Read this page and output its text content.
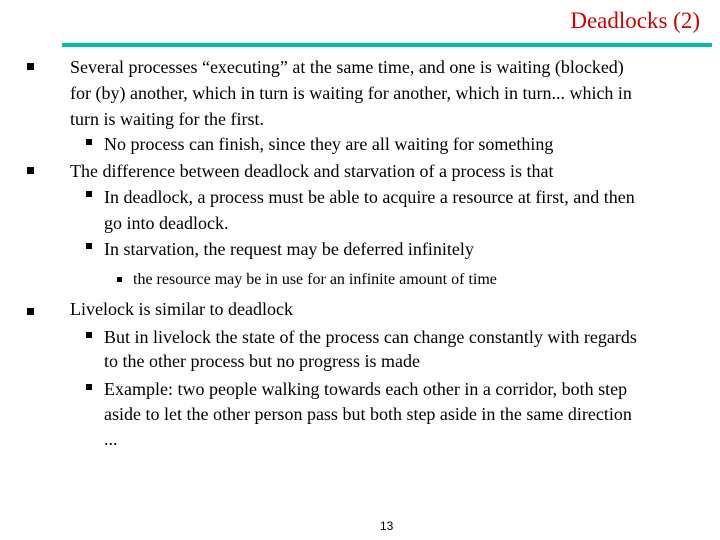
Deadlocks (2)
Several processes “executing” at the same time, and one is waiting (blocked)
for (by) another, which in turn is waiting for another, which in turn... which in
turn is waiting for the first.
No process can finish, since they are all waiting for something
The difference between deadlock and starvation of a process is that
In deadlock, a process must be able to acquire a resource at first, and then
go into deadlock.
In starvation, the request may be deferred infinitely
the resource may be in use for an infinite amount of time
Livelock is similar to deadlock
But in livelock the state of the process can change constantly with regards
to the other process but no progress is made
Example: two people walking towards each other in a corridor, both step
aside to let the other person pass but both step aside in the same direction
...
13
